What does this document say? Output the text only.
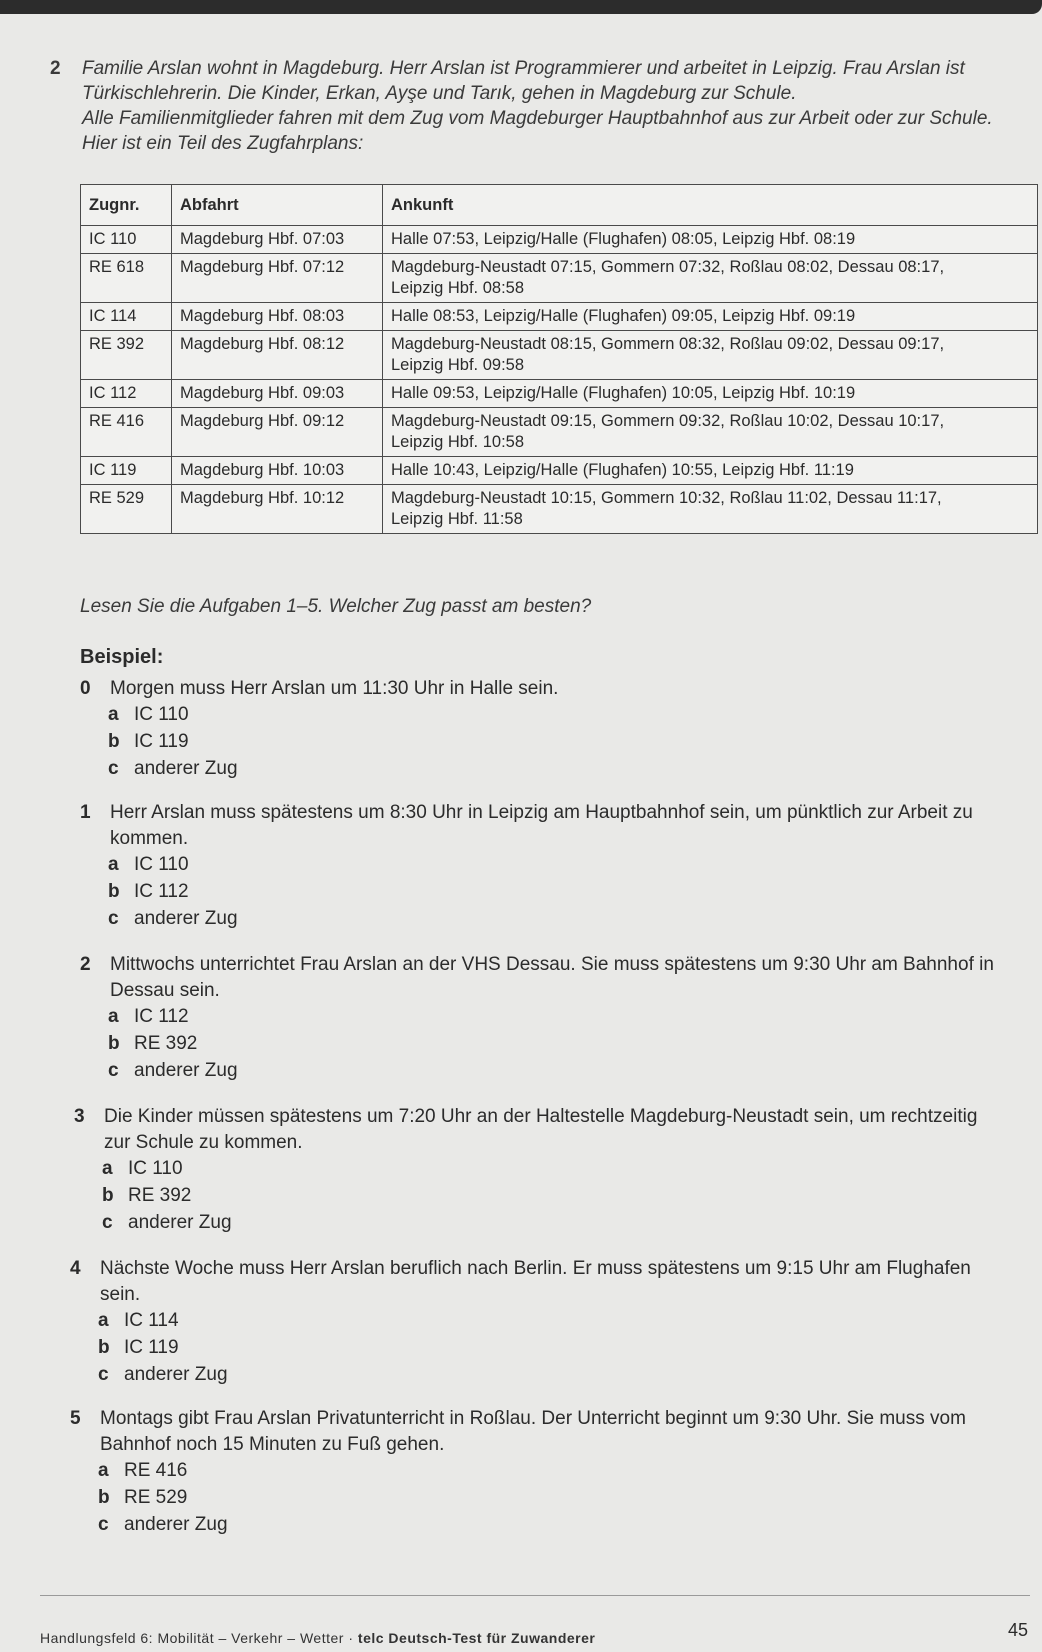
2 Familie Arslan wohnt in Magdeburg. Herr Arslan ist Programmierer und arbeitet in Leipzig. Frau Arslan ist Türkischlehrerin. Die Kinder, Erkan, Ayşe und Tarık, gehen in Magdeburg zur Schule.

Alle Familienmitglieder fahren mit dem Zug vom Magdeburger Hauptbahnhof aus zur Arbeit oder zur Schule. Hier ist ein Teil des Zugfahrplans:

Zugnr.	Abfahrt	Ankunft
IC 110	Magdeburg Hbf. 07:03	Halle 07:53, Leipzig/Halle (Flughafen) 08:05, Leipzig Hbf. 08:19
RE 618	Magdeburg Hbf. 07:12	Magdeburg-Neustadt 07:15, Gommern 07:32, Roßlau 08:02, Dessau 08:17,
Leipzig Hbf. 08:58
IC 114	Magdeburg Hbf. 08:03	Halle 08:53, Leipzig/Halle (Flughafen) 09:05, Leipzig Hbf. 09:19
RE 392	Magdeburg Hbf. 08:12	Magdeburg-Neustadt 08:15, Gommern 08:32, Roßlau 09:02, Dessau 09:17,
Leipzig Hbf. 09:58
IC 112	Magdeburg Hbf. 09:03	Halle 09:53, Leipzig/Halle (Flughafen) 10:05, Leipzig Hbf. 10:19
RE 416	Magdeburg Hbf. 09:12	Magdeburg-Neustadt 09:15, Gommern 09:32, Roßlau 10:02, Dessau 10:17,
Leipzig Hbf. 10:58
IC 119	Magdeburg Hbf. 10:03	Halle 10:43, Leipzig/Halle (Flughafen) 10:55, Leipzig Hbf. 11:19
RE 529	Magdeburg Hbf. 10:12	Magdeburg-Neustadt 10:15, Gommern 10:32, Roßlau 11:02, Dessau 11:17,
Leipzig Hbf. 11:58
Lesen Sie die Aufgaben 1–5. Welcher Zug passt am besten?
Beispiel:
0 Morgen muss Herr Arslan um 11:30 Uhr in Halle sein.
a IC 110
b IC 119
c anderer Zug
1 Herr Arslan muss spätestens um 8:30 Uhr in Leipzig am Hauptbahnhof sein, um pünktlich zur Arbeit zu kommen.
a IC 110
b IC 112
c anderer Zug
2 Mittwochs unterrichtet Frau Arslan an der VHS Dessau. Sie muss spätestens um 9:30 Uhr am Bahnhof in Dessau sein.
a IC 112
b RE 392
c anderer Zug
3 Die Kinder müssen spätestens um 7:20 Uhr an der Haltestelle Magdeburg-Neustadt sein, um rechtzeitig zur Schule zu kommen.
a IC 110
b RE 392
c anderer Zug
4 Nächste Woche muss Herr Arslan beruflich nach Berlin. Er muss spätestens um 9:15 Uhr am Flughafen sein.
a IC 114
b IC 119
c anderer Zug
5 Montags gibt Frau Arslan Privatunterricht in Roßlau. Der Unterricht beginnt um 9:30 Uhr. Sie muss vom Bahnhof noch 15 Minuten zu Fuß gehen.
a RE 416
b RE 529
c anderer Zug
Handlungsfeld 6: Mobilität – Verkehr – Wetter · telc Deutsch-Test für Zuwanderer	45
